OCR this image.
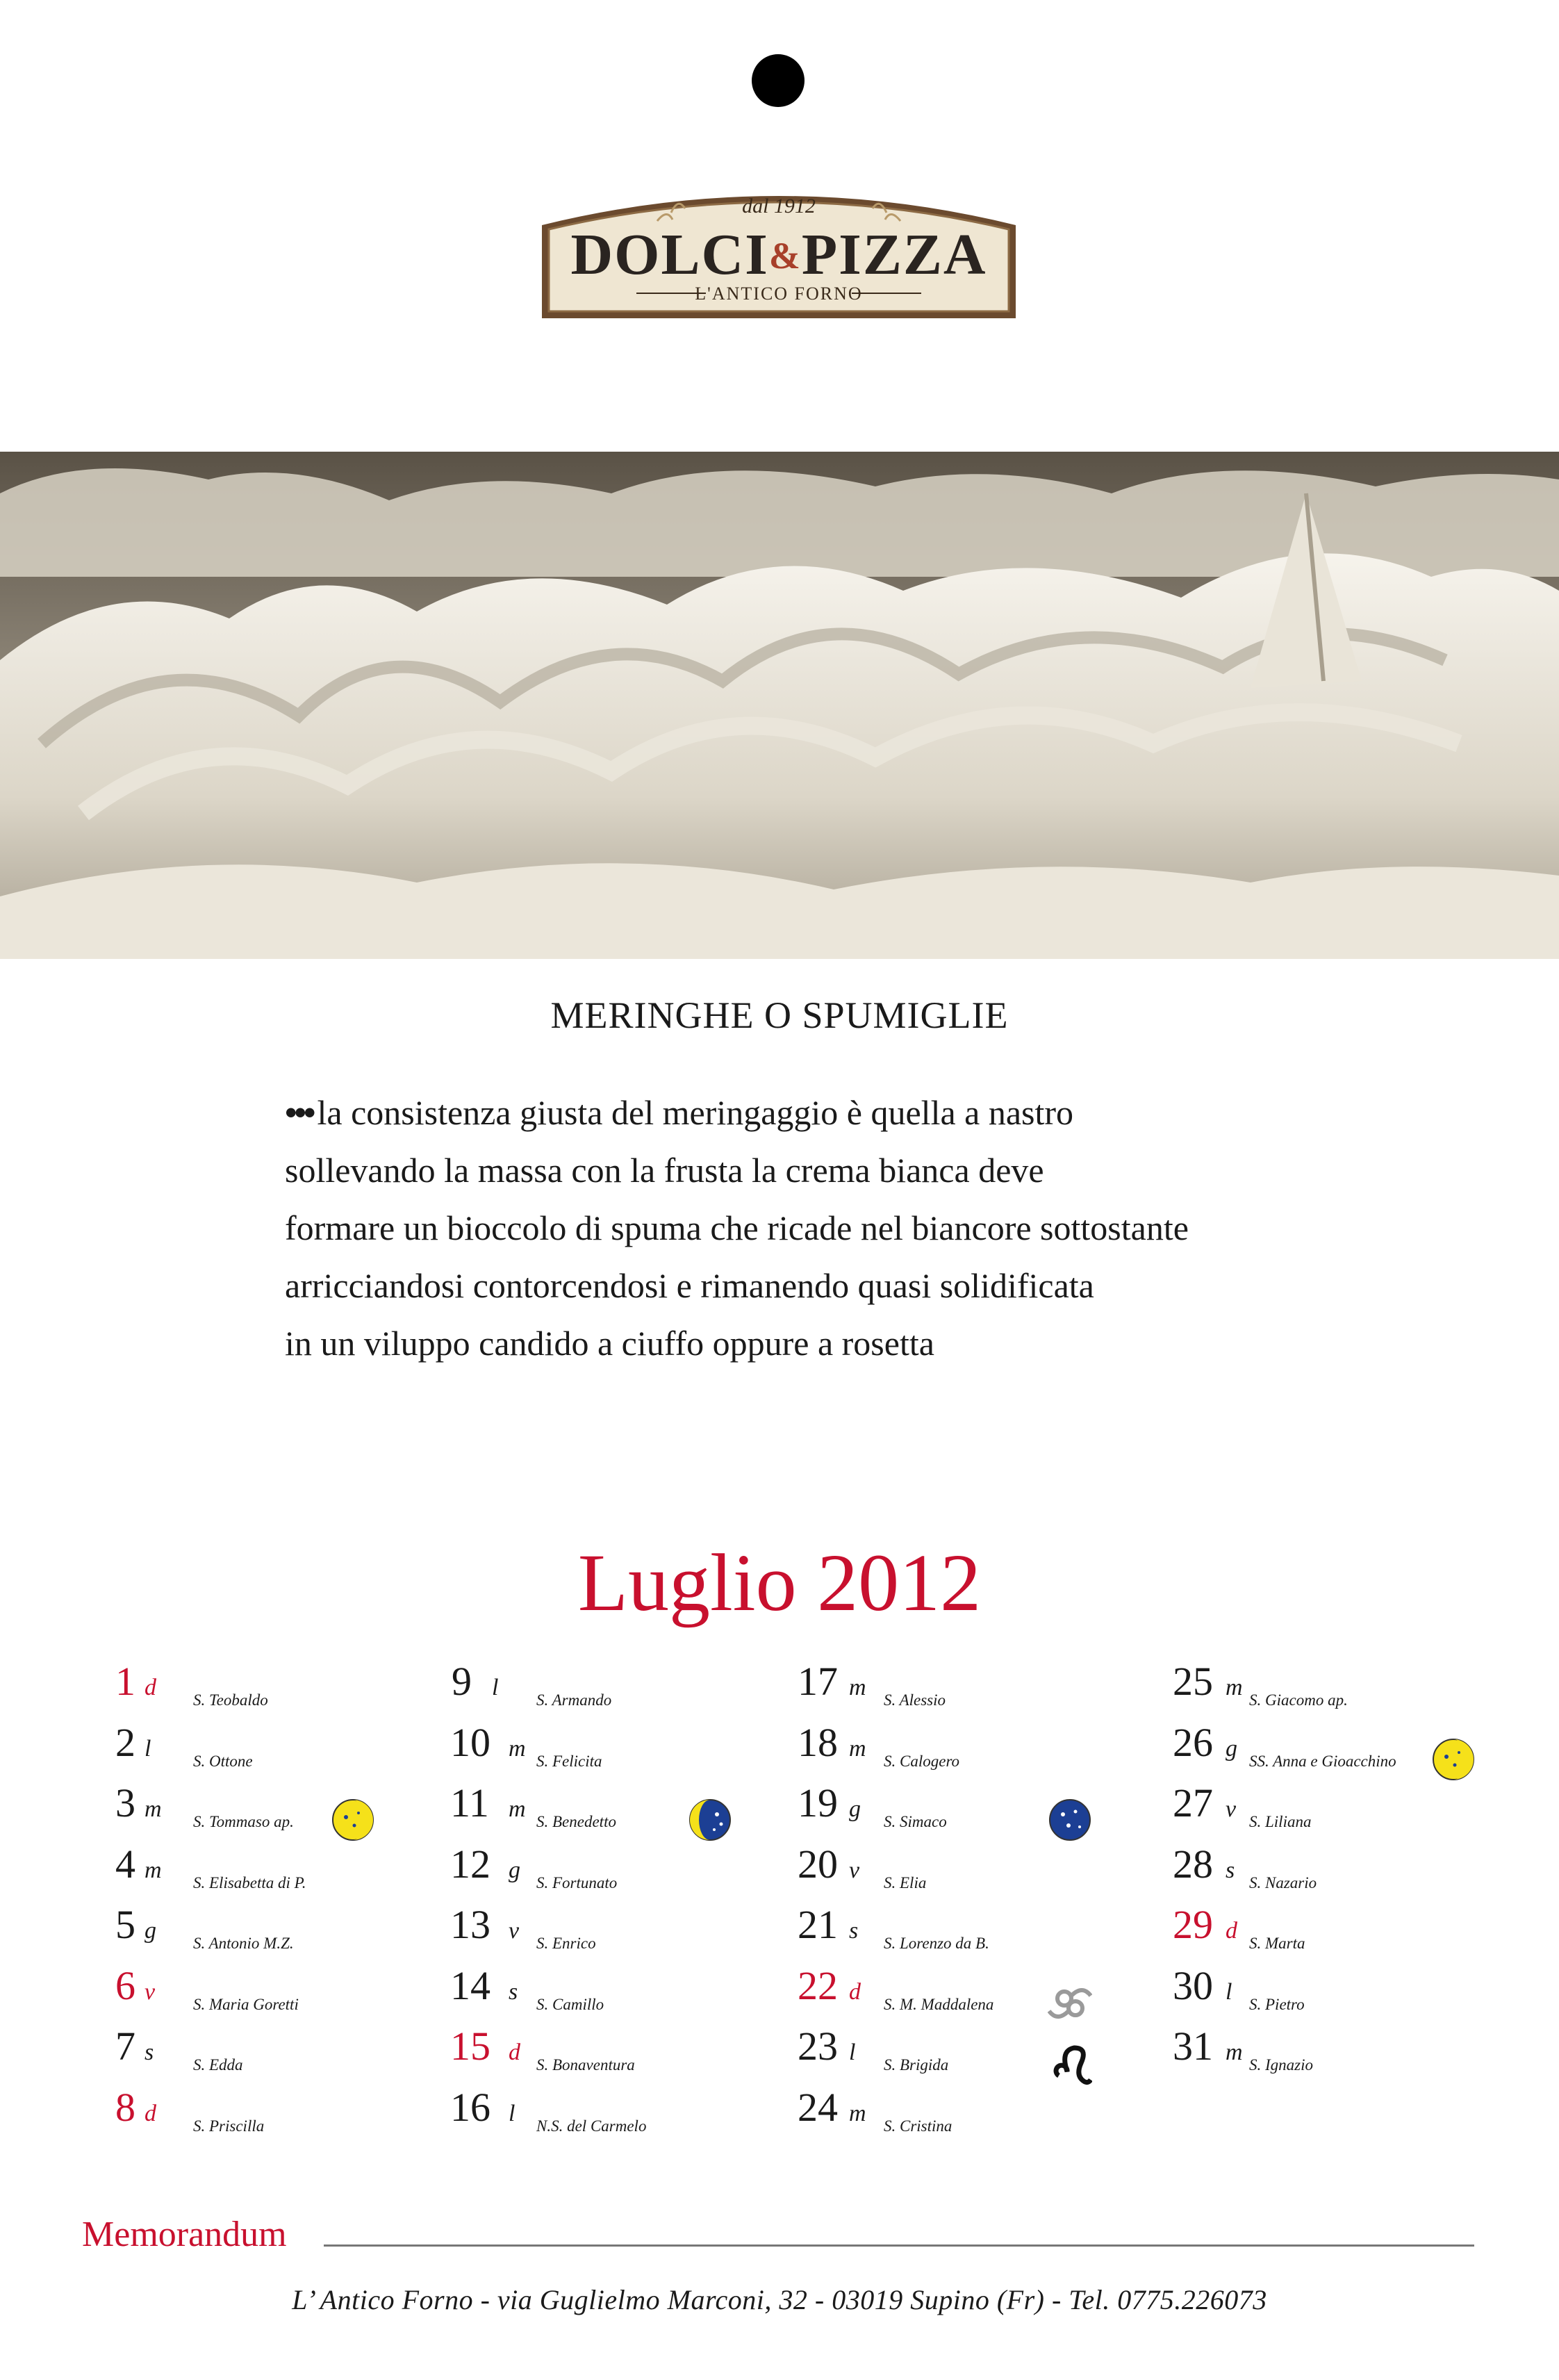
dal 1912
DOLCI&PIZZA
L'ANTICO FORNO
MERINGHE O SPUMIGLIE
••• la consistenza giusta del meringaggio è quella a nastro
sollevando la massa con la frusta la crema bianca deve
formare un bioccolo di spuma che ricade nel biancore sottostante
arricciandosi contorcendosi e rimanendo quasi solidificata
in un viluppo candido a ciuffo oppure a rosetta
Luglio 2012
1 d S. Teobaldo
2 l	S. Ottone
3 m S. Tommaso ap.
4 m S. Elisabetta di P.
5 g S. Antonio M.Z.
6 v S. Maria Goretti
7 s S. Edda
8 d S. Priscilla
9 l S. Armando
10 m S. Felicita
11 m S. Benedetto
12 g S. Fortunato
13 v S. Enrico
14 s S. Camillo
15 d S. Bonaventura
16 l N.S. del Carmelo
17 m S. Alessio
18 m S. Calogero
19 g S. Simaco
20 v S. Elia
21 s S. Lorenzo da B.
22 d S. M. Maddalena
23 l S. Brigida
24 m S. Cristina
25 m S. Giacomo ap.
26 g SS. Anna e Gioacchino
27 v S. Liliana
28 s S. Nazario
29 d S. Marta
30 l S. Pietro
31 m S. Ignazio
Memorandum
L’ Antico Forno - via Guglielmo Marconi, 32 - 03019 Supino (Fr) - Tel. 0775.226073
